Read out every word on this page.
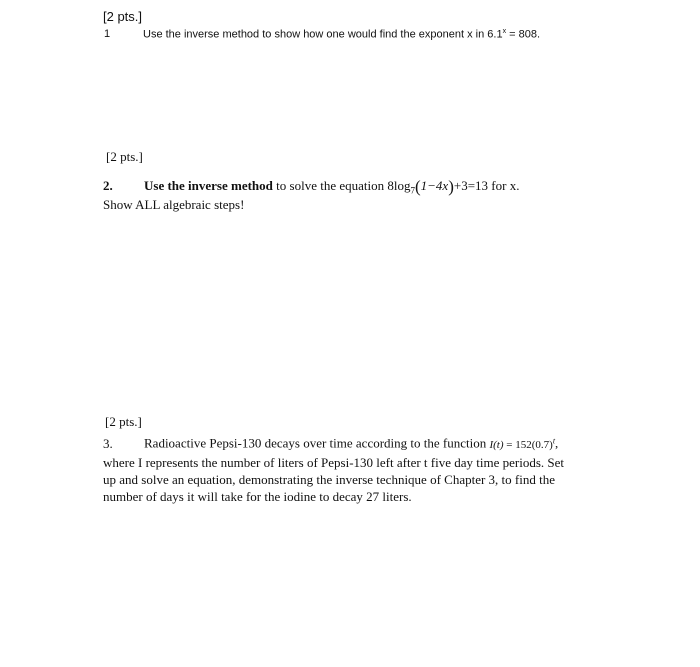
[2 pts.]
1	Use the inverse method to show how one would find the exponent x in $6.1^x = 808$.
[2 pts.]
2. Use the inverse method to solve the equation $8\log_7(1-4x)+3=13$ for x.
Show ALL algebraic steps!
[2 pts.]
3. Radioactive Pepsi-130 decays over time according to the function $I(t) = 152(0.7)^t$,
where I represents the number of liters of Pepsi-130 left after t five day time periods. Set
up and solve an equation, demonstrating the inverse technique of Chapter 3, to find the
number of days it will take for the iodine to decay 27 liters.
